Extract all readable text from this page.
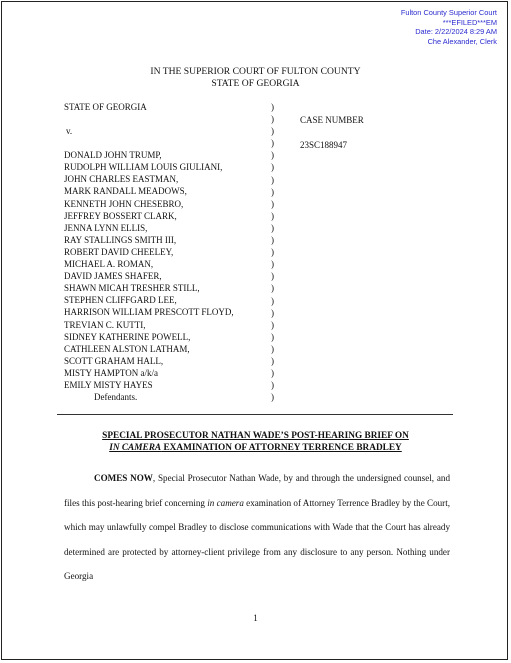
Fulton County Superior Court
***EFILED***EM
Date: 2/22/2024 8:29 AM
Che Alexander, Clerk
IN THE SUPERIOR COURT OF FULTON COUNTY
STATE OF GEORGIA
STATE OF GEORGIA
v.
DONALD JOHN TRUMP,
RUDOLPH WILLIAM LOUIS GIULIANI,
JOHN CHARLES EASTMAN,
MARK RANDALL MEADOWS,
KENNETH JOHN CHESEBRO,
JEFFREY BOSSERT CLARK,
JENNA LYNN ELLIS,
RAY STALLINGS SMITH III,
ROBERT DAVID CHEELEY,
MICHAEL A. ROMAN,
DAVID JAMES SHAFER,
SHAWN MICAH TRESHER STILL,
STEPHEN CLIFFGARD LEE,
HARRISON WILLIAM PRESCOTT FLOYD,
TREVIAN C. KUTTI,
SIDNEY KATHERINE POWELL,
CATHLEEN ALSTON LATHAM,
SCOTT GRAHAM HALL,
MISTY HAMPTON a/k/a
EMILY MISTY HAYES
Defendants.
)
)
)
)
)
)
)
)
)
)
)
)
)
)
)
)
)
)
)
)
)
)
)
)
)
CASE NUMBER
23SC188947
SPECIAL PROSECUTOR NATHAN WADE’S POST-HEARING BRIEF ON
IN CAMERA EXAMINATION OF ATTORNEY TERRENCE BRADLEY

COMES NOW, Special Prosecutor Nathan Wade, by and through the undersigned counsel, and files this post-hearing brief concerning in camera examination of Attorney Terrence Bradley by the Court, which may unlawfully compel Bradley to disclose communications with Wade that the Court has already determined are protected by attorney-client privilege from any disclosure to any person. Nothing under Georgia

1
